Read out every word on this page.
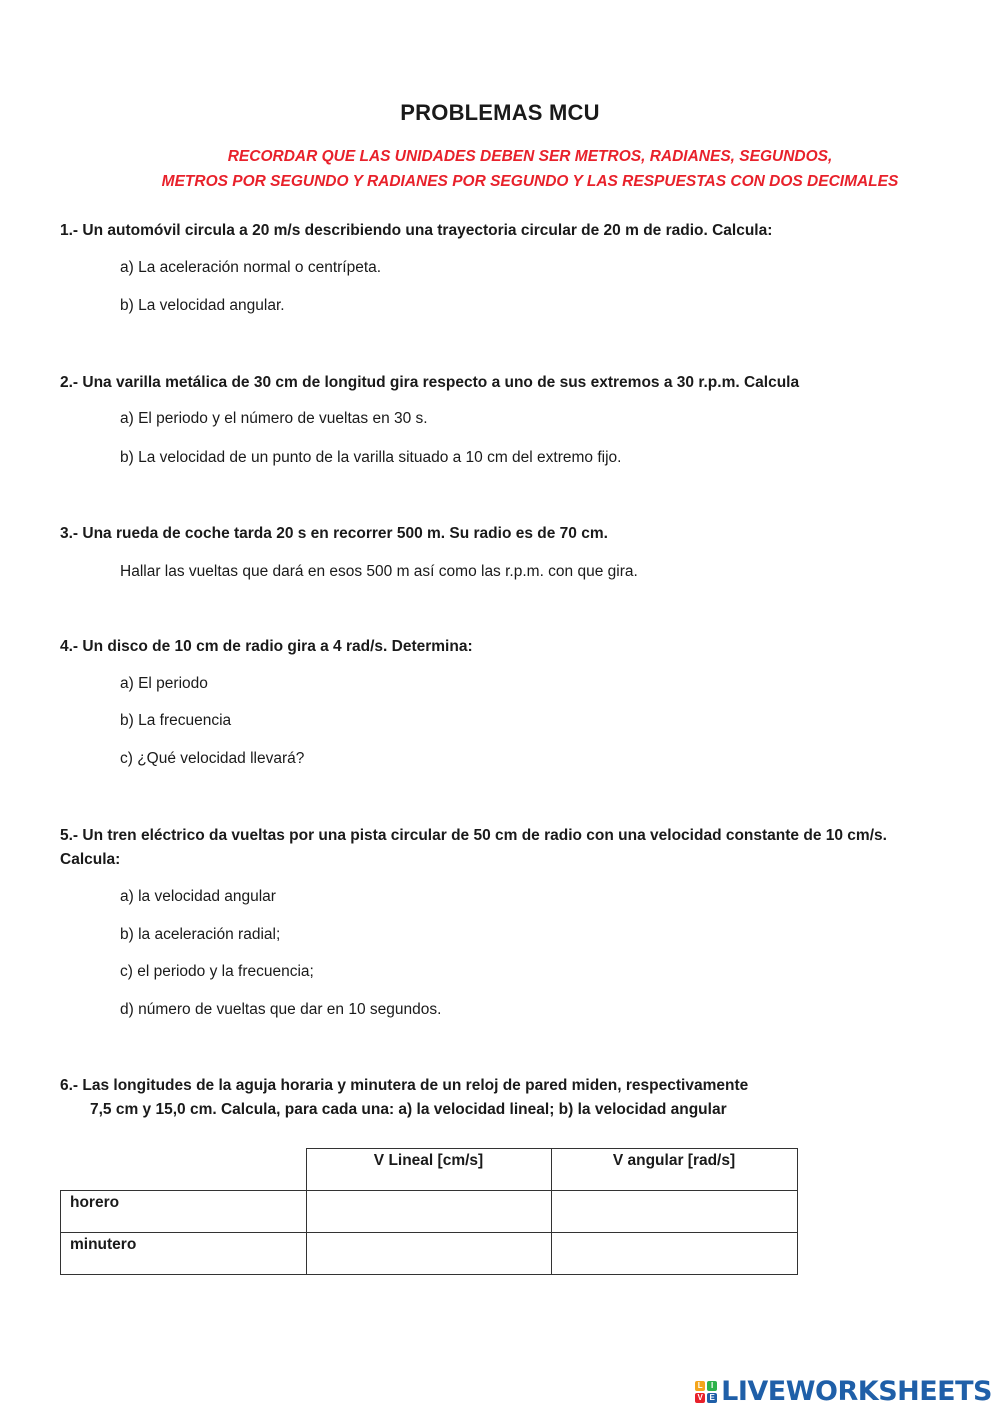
PROBLEMAS MCU
RECORDAR QUE LAS UNIDADES DEBEN SER METROS, RADIANES, SEGUNDOS,
METROS POR SEGUNDO Y RADIANES POR SEGUNDO Y LAS RESPUESTAS CON DOS DECIMALES
1.- Un automóvil circula a 20 m/s describiendo una trayectoria circular de 20 m de radio. Calcula:
a) La aceleración normal o centrípeta.
b) La velocidad angular.
2.- Una varilla metálica de 30 cm de longitud gira respecto a uno de sus extremos a 30 r.p.m. Calcula
a) El periodo y el número de vueltas en 30 s.
b) La velocidad de un punto de la varilla situado a 10 cm del extremo fijo.
3.- Una rueda de coche tarda 20 s en recorrer 500 m. Su radio es de 70 cm.
Hallar las vueltas que dará en esos 500 m así como las r.p.m. con que gira.
4.- Un disco de 10 cm de radio gira a 4 rad/s. Determina:
a) El periodo
b) La frecuencia
c) ¿Qué velocidad llevará?
5.- Un tren eléctrico da vueltas por una pista circular de 50 cm de radio con una velocidad constante de 10 cm/s.
Calcula:
a) la velocidad angular
b) la aceleración radial;
c) el periodo y la frecuencia;
d) número de vueltas que dar en 10 segundos.
6.- Las longitudes de la aguja horaria y minutera de un reloj de pared miden, respectivamente
7,5 cm y 15,0 cm. Calcula, para cada una: a) la velocidad lineal; b) la velocidad angular
	V Lineal [cm/s]	V angular [rad/s]
horero		
minutero		
L	I
V E LIVEWORKSHEETS
